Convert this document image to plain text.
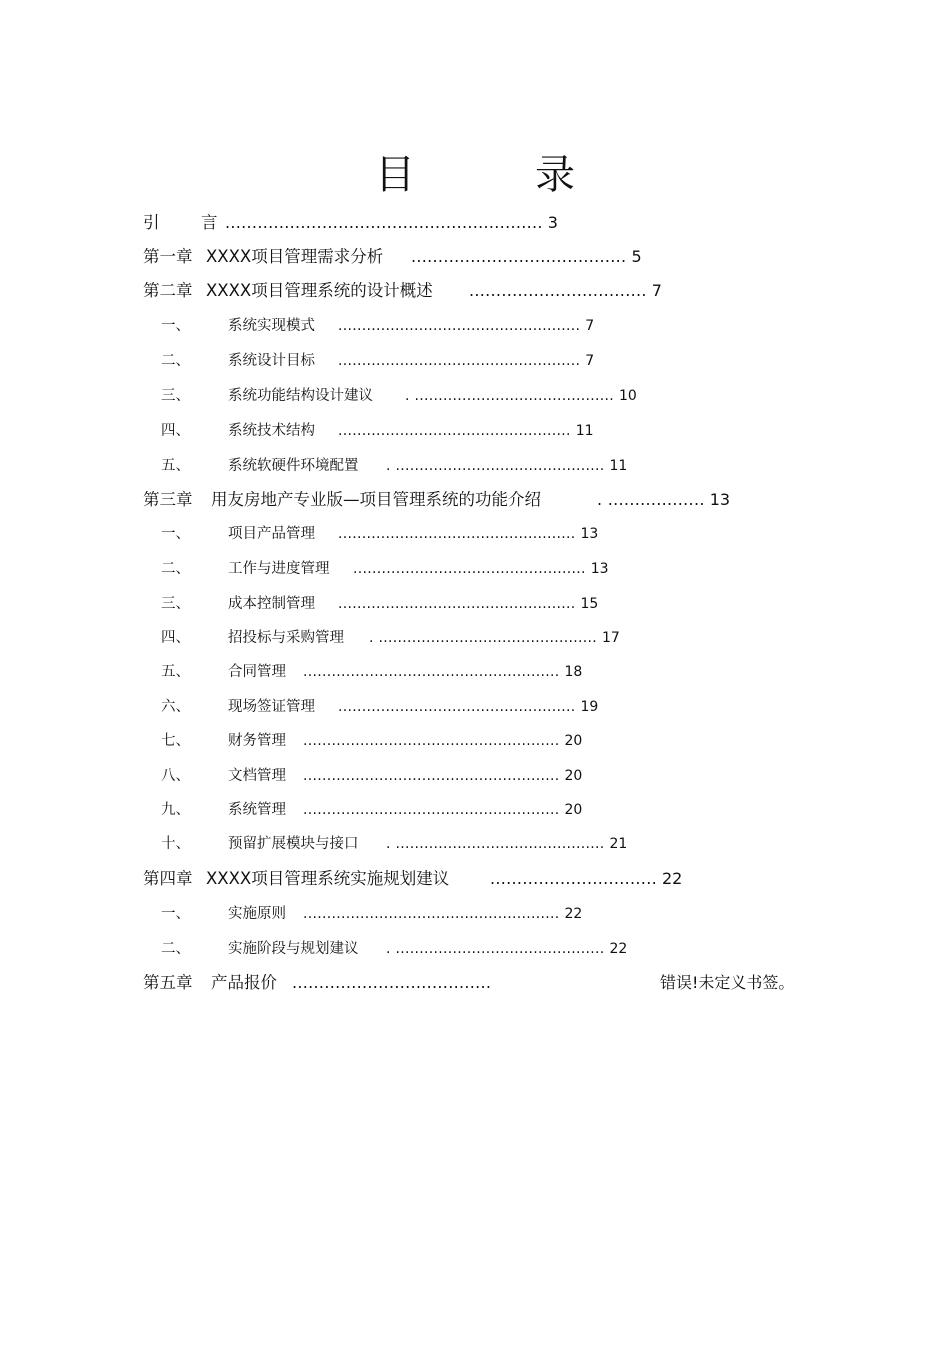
目　录
引	言 ........................................................... 3
第一章 XXXX项目管理需求分析 ........................................ 5
第二章 XXXX项目管理系统的设计概述 ................................. 7
一、	系统实现模式 ................................................... 7
二、	系统设计目标 ................................................... 7
三、	系统功能结构设计建议 . .......................................... 10
四、	系统技术结构 ................................................. 11
五、	系统软硬件环境配置 . ............................................ 11
第三章 用友房地产专业版—项目管理系统的功能介绍	. .................. 13
一、	项目产品管理 .................................................. 13
二、	工作与进度管理 ................................................. 13
三、	成本控制管理 .................................................. 15
四、	招投标与采购管理 . .............................................. 17
五、	合同管理 ...................................................... 18
六、	现场签证管理 .................................................. 19
七、	财务管理 ...................................................... 20
八、	文档管理 ...................................................... 20
九、	系统管理 ...................................................... 20
十、	预留扩展模块与接口 . ............................................ 21
第四章 XXXX项目管理系统实施规划建议	............................... 22
一、	实施原则 ...................................................... 22
二、	实施阶段与规划建议 . ............................................ 22
第五章 产品报价 .....................................	错误!未定义书签。
